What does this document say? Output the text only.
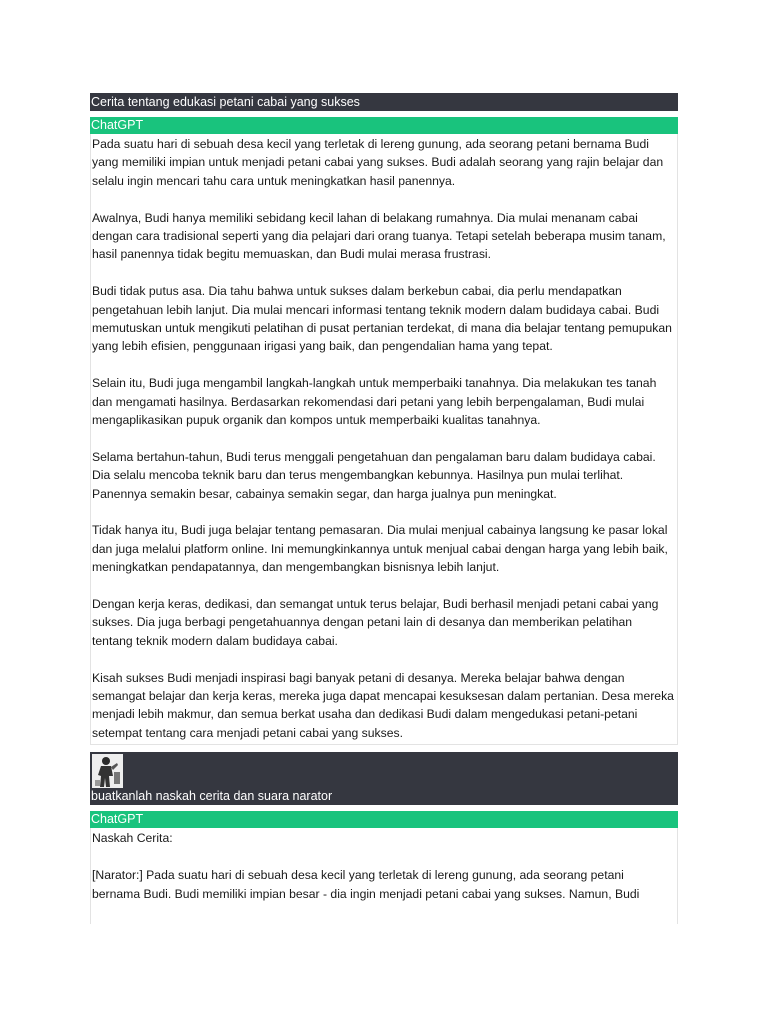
Cerita tentang edukasi petani cabai yang sukses
ChatGPT

Pada suatu hari di sebuah desa kecil yang terletak di lereng gunung, ada seorang petani bernama Budi yang memiliki impian untuk menjadi petani cabai yang sukses. Budi adalah seorang yang rajin belajar dan selalu ingin mencari tahu cara untuk meningkatkan hasil panennya.

Awalnya, Budi hanya memiliki sebidang kecil lahan di belakang rumahnya. Dia mulai menanam cabai dengan cara tradisional seperti yang dia pelajari dari orang tuanya. Tetapi setelah beberapa musim tanam, hasil panennya tidak begitu memuaskan, dan Budi mulai merasa frustrasi.

Budi tidak putus asa. Dia tahu bahwa untuk sukses dalam berkebun cabai, dia perlu mendapatkan pengetahuan lebih lanjut. Dia mulai mencari informasi tentang teknik modern dalam budidaya cabai. Budi memutuskan untuk mengikuti pelatihan di pusat pertanian terdekat, di mana dia belajar tentang pemupukan yang lebih efisien, penggunaan irigasi yang baik, dan pengendalian hama yang tepat.

Selain itu, Budi juga mengambil langkah-langkah untuk memperbaiki tanahnya. Dia melakukan tes tanah dan mengamati hasilnya. Berdasarkan rekomendasi dari petani yang lebih berpengalaman, Budi mulai mengaplikasikan pupuk organik dan kompos untuk memperbaiki kualitas tanahnya.

Selama bertahun-tahun, Budi terus menggali pengetahuan dan pengalaman baru dalam budidaya cabai. Dia selalu mencoba teknik baru dan terus mengembangkan kebunnya. Hasilnya pun mulai terlihat. Panennya semakin besar, cabainya semakin segar, dan harga jualnya pun meningkat.

Tidak hanya itu, Budi juga belajar tentang pemasaran. Dia mulai menjual cabainya langsung ke pasar lokal dan juga melalui platform online. Ini memungkinkannya untuk menjual cabai dengan harga yang lebih baik, meningkatkan pendapatannya, dan mengembangkan bisnisnya lebih lanjut.

Dengan kerja keras, dedikasi, dan semangat untuk terus belajar, Budi berhasil menjadi petani cabai yang sukses. Dia juga berbagi pengetahuannya dengan petani lain di desanya dan memberikan pelatihan tentang teknik modern dalam budidaya cabai.

Kisah sukses Budi menjadi inspirasi bagi banyak petani di desanya. Mereka belajar bahwa dengan semangat belajar dan kerja keras, mereka juga dapat mencapai kesuksesan dalam pertanian. Desa mereka menjadi lebih makmur, dan semua berkat usaha dan dedikasi Budi dalam mengedukasi petani-petani setempat tentang cara menjadi petani cabai yang sukses.

buatkanlah naskah cerita dan suara narator
ChatGPT

Naskah Cerita:

[Narator:] Pada suatu hari di sebuah desa kecil yang terletak di lereng gunung, ada seorang petani bernama Budi. Budi memiliki impian besar - dia ingin menjadi petani cabai yang sukses. Namun, Budi
